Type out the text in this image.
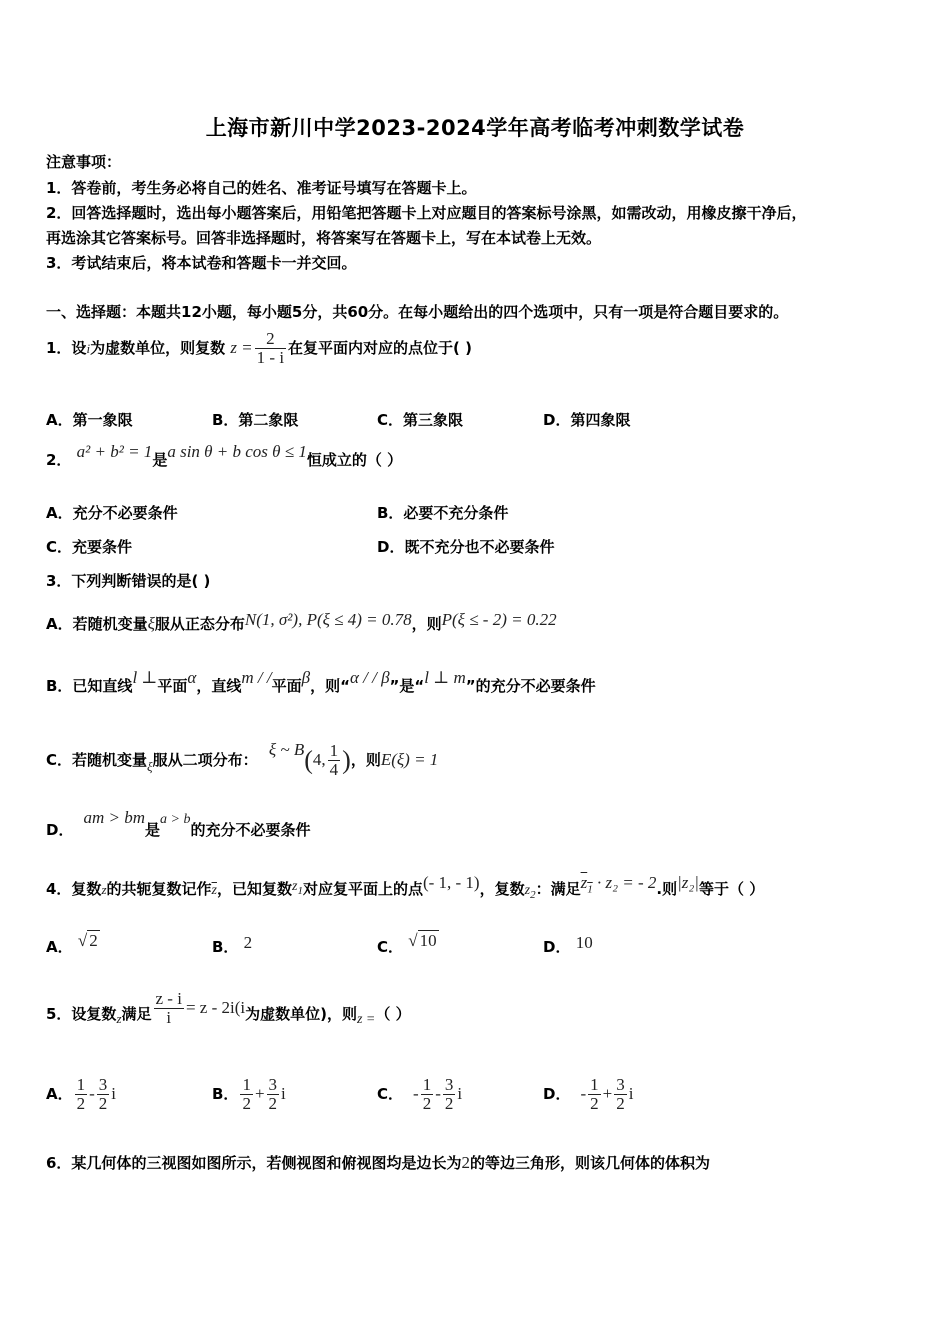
上海市新川中学2023-2024学年高考临考冲刺数学试卷
注意事项：
1．答卷前，考生务必将自己的姓名、准考证号填写在答题卡上。
2．回答选择题时，选出每小题答案后，用铅笔把答题卡上对应题目的答案标号涂黑，如需改动，用橡皮擦干净后，
再选涂其它答案标号。回答非选择题时，将答案写在答题卡上，写在本试卷上无效。
3．考试结束后，将本试卷和答题卡一并交回。
一、选择题：本题共12小题，每小题5分，共60分。在每小题给出的四个选项中，只有一项是符合题目要求的。
1．设i为虚数单位，则复数 $z = \frac{2}{1 - i}$ 在复平面内对应的点位于( )
A．第一象限	B．第二象限	C．第三象限	D．第四象限
2． a² + b² = 1是a sin θ + b cos θ ≤ 1恒成立的（ ）
A．充分不必要条件	B．必要不充分条件
C．充要条件	D．既不充分也不必要条件
3．下列判断错误的是( )
A．若随机变量ξ服从正态分布N(1, σ²), P(ξ ≤ 4) = 0.78，则P(ξ ≤ - 2) = 0.22
B．已知直线l ⊥平面α，直线m / /平面β，则“α / / β”是“l ⊥ m”的充分不必要条件
C．若随机变量ξ服从二项分布： ξ ~ B(4, $\frac{1}{4}$ )，则E(ξ) = 1
D．am > bm是a > b的充分不必要条件
4．复数z的共轭复数记作$\overline{z}$，已知复数$z_1$对应复平面上的点(- 1, - 1)，复数$z_2$：满足$z_1 \cdot z_2$ = - 2.则|z₂|等于（ ）
A． √ 2	B． 2	C． √ 10	D． 10
5．设复数z满足 $\frac{z - i}{i} = z - 2i(i$为虚数单位)，则z =（ ）
A． $\frac{1}{2} - \frac{3}{2}$ i	B． $\frac{1}{2} + \frac{3}{2}$ i	C． - $\frac{1}{2} - \frac{3}{2}$ i	D． - $\frac{1}{2} + \frac{3}{2}$ i
6．某几何体的三视图如图所示，若侧视图和俯视图均是边长为2的等边三角形，则该几何体的体积为
